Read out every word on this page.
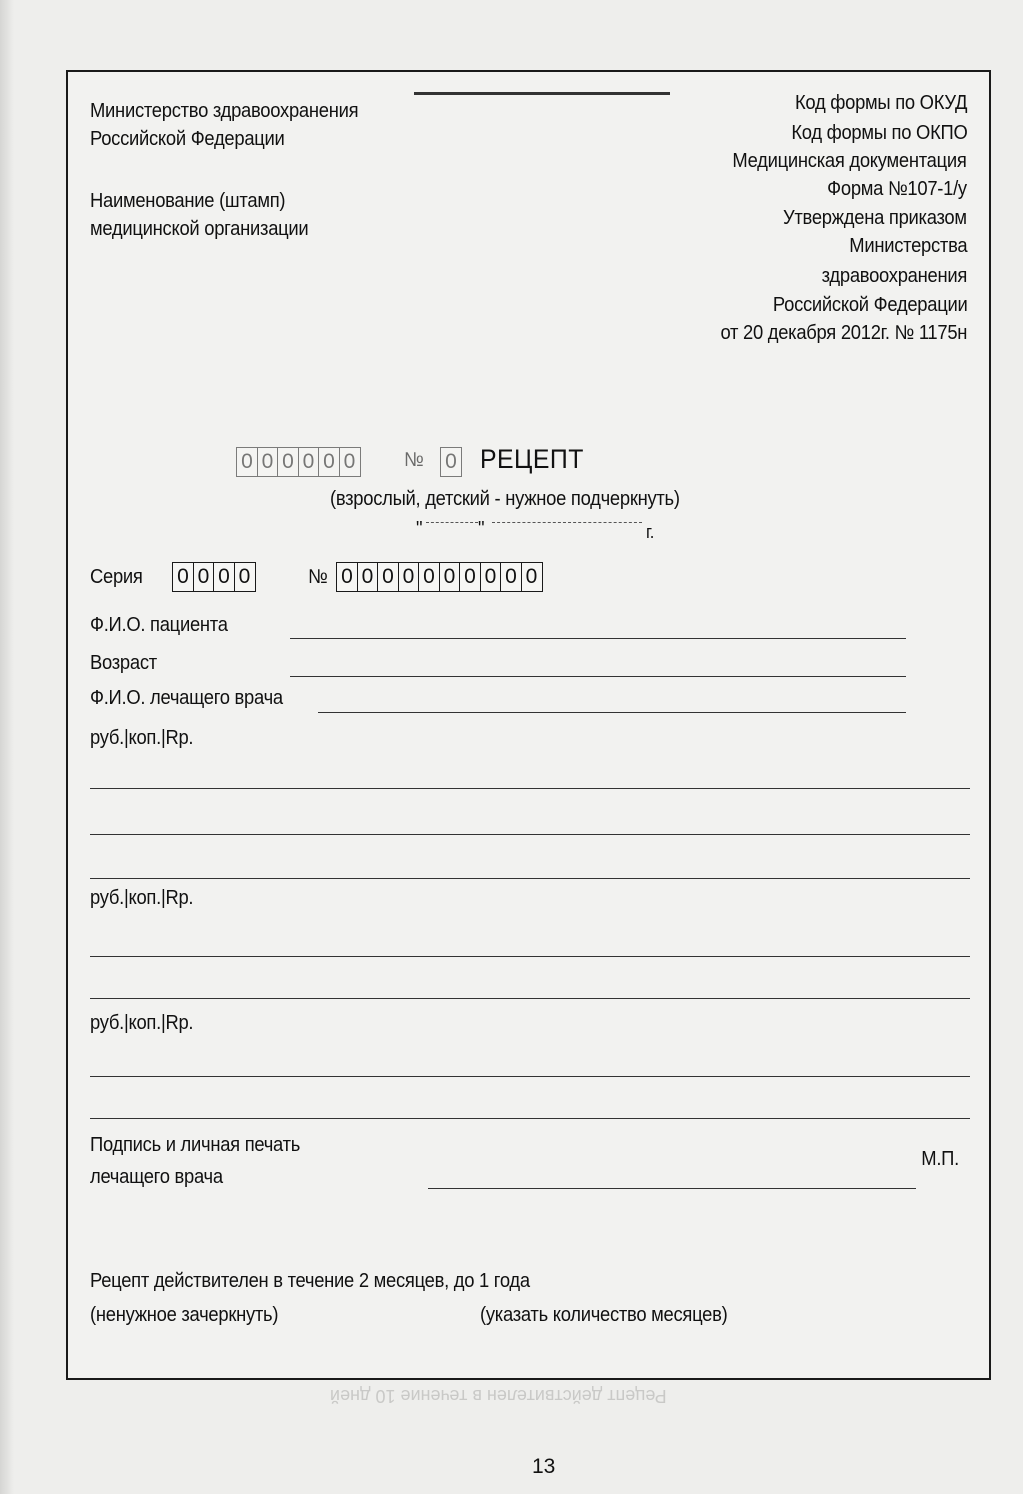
Рецепт действителен в течение 10 дней
Министерство здравоохранения
Российской Федерации
Наименование (штамп)
медицинской организации
Код формы по ОКУД
Код формы по ОКПО
Медицинская документация
Форма №107-1/у
Утверждена приказом
Министерства
здравоохранения
Российской Федерации
от 20 декабря 2012г. № 1175н
0 0 0 0 0 0 № 0 РЕЦЕПТ
(взрослый, детский - нужное подчеркнуть)
"	"	г.
Серия 0 0 0 0	№ 0 0 0 0 0 0 0 0 0 0
Ф.И.О. пациента
Возраст
Ф.И.О. лечащего врача
руб.|коп.|Rp.
руб.|коп.|Rp.
руб.|коп.|Rp.
Подпись и личная печать
лечащего врача
М.П.
Рецепт действителен в течение 2 месяцев, до 1 года
(ненужное зачеркнуть)	(указать количество месяцев)
13
